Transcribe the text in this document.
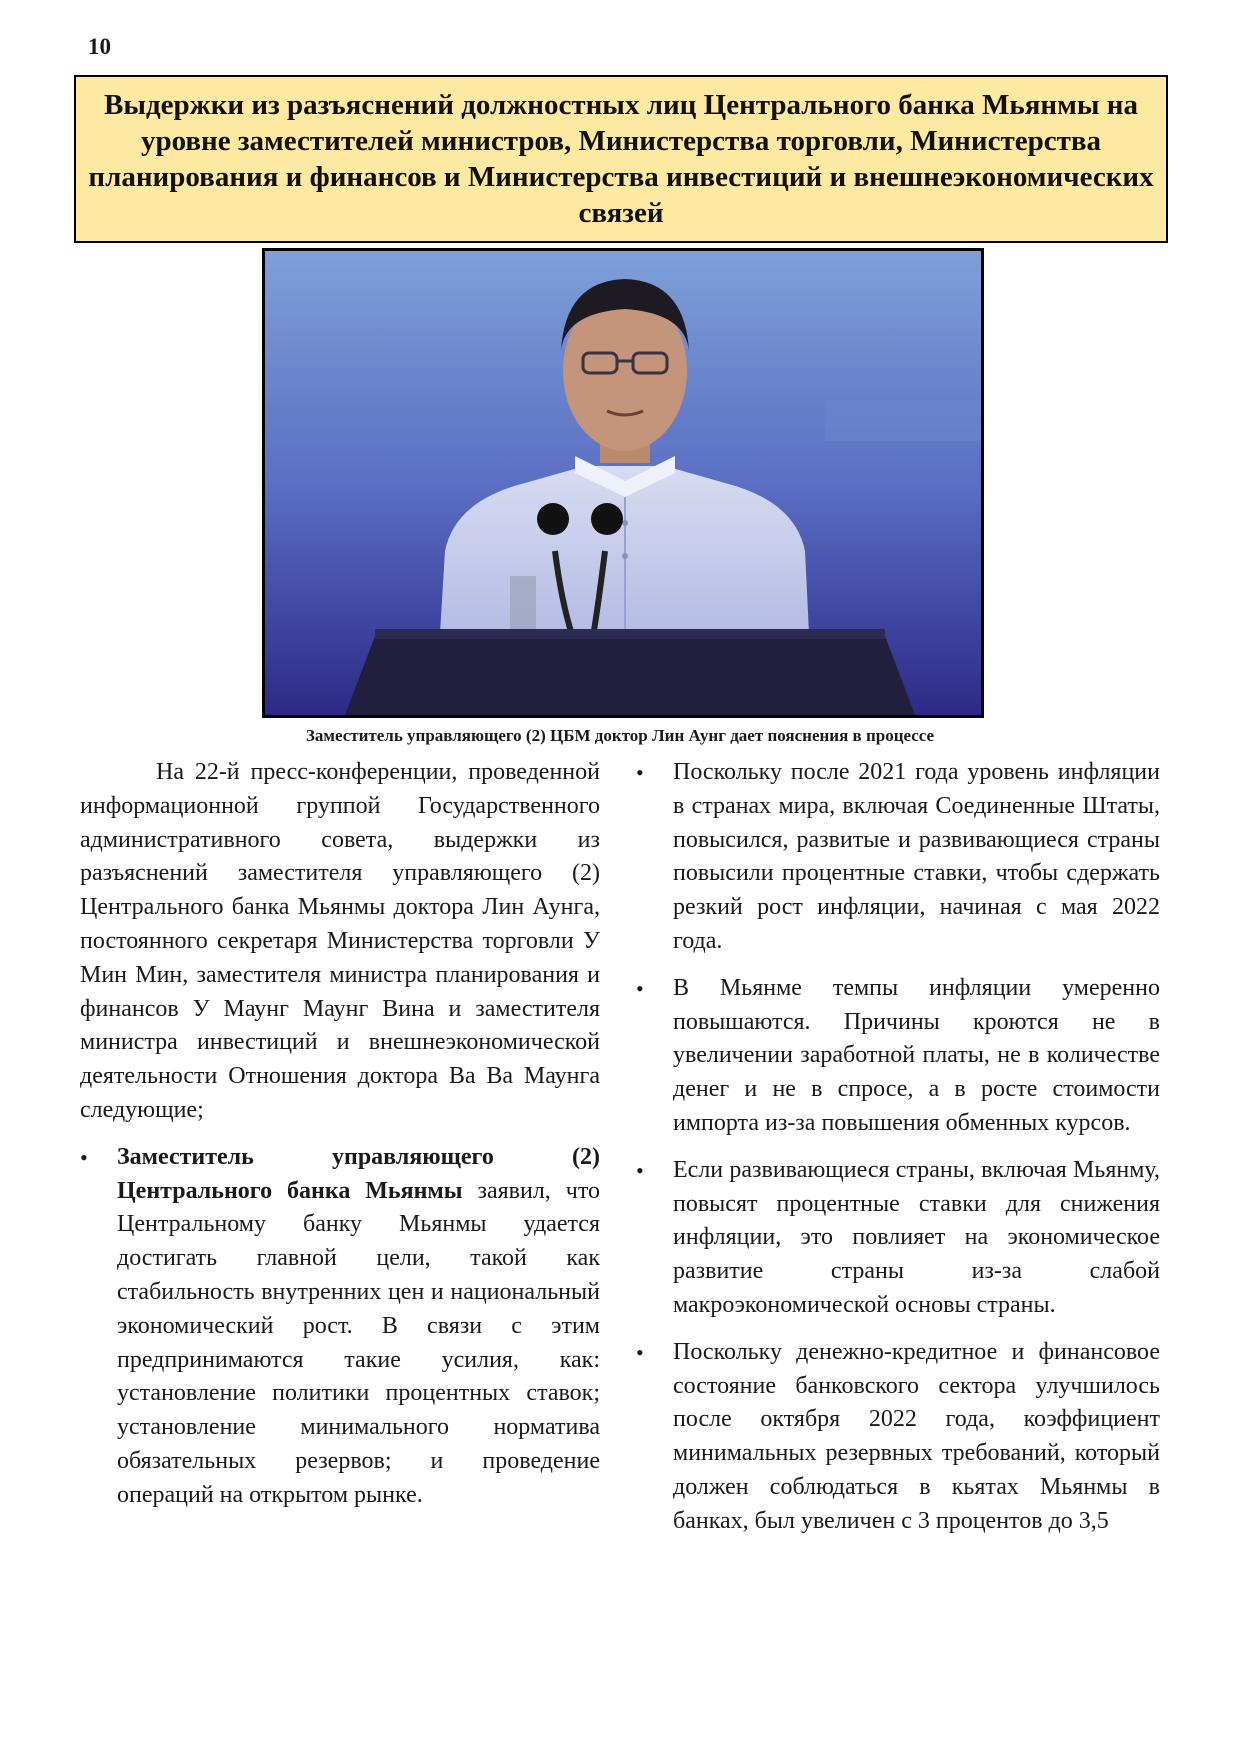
10
Выдержки из разъяснений должностных лиц Центрального банка Мьянмы на уровне заместителей министров, Министерства торговли, Министерства планирования и финансов и Министерства инвестиций и внешнеэкономических связей
Заместитель управляющего (2) ЦБМ доктор Лин Аунг дает пояснения в процессе

На 22-й пресс-конференции, проведенной информационной группой Государственного административного совета, выдержки из разъяснений заместителя управляющего (2) Центрального банка Мьянмы доктора Лин Аунга, постоянного секретаря Министерства торговли У Мин Мин, заместителя министра планирования и финансов У Маунг Маунг Вина и заместителя министра инвестиций и внешнеэкономической деятельности Отношения доктора Ва Ва Маунга следующие;

• Заместитель управляющего (2) Центрального банка Мьянмы заявил, что Центральному банку Мьянмы удается достигать главной цели, такой как стабильность внутренних цен и национальный экономический рост. В связи с этим предпринимаются такие усилия, как: установление политики процентных ставок; установление минимального норматива обязательных резервов; и проведение операций на открытом рынке.

• Поскольку после 2021 года уровень инфляции в странах мира, включая Соединенные Штаты, повысился, развитые и развивающиеся страны повысили процентные ставки, чтобы сдержать резкий рост инфляции, начиная с мая 2022 года.

• В Мьянме темпы инфляции умеренно повышаются. Причины кроются не в увеличении заработной платы, не в количестве денег и не в спросе, а в росте стоимости импорта из-за повышения обменных курсов.

• Если развивающиеся страны, включая Мьянму, повысят процентные ставки для снижения инфляции, это повлияет на экономическое развитие страны из-за слабой макроэкономической основы страны.

• Поскольку денежно-кредитное и финансовое состояние банковского сектора улучшилось после октября 2022 года, коэффициент минимальных резервных требований, который должен соблюдаться в кьятах Мьянмы в банках, был увеличен с 3 процентов до 3,5
